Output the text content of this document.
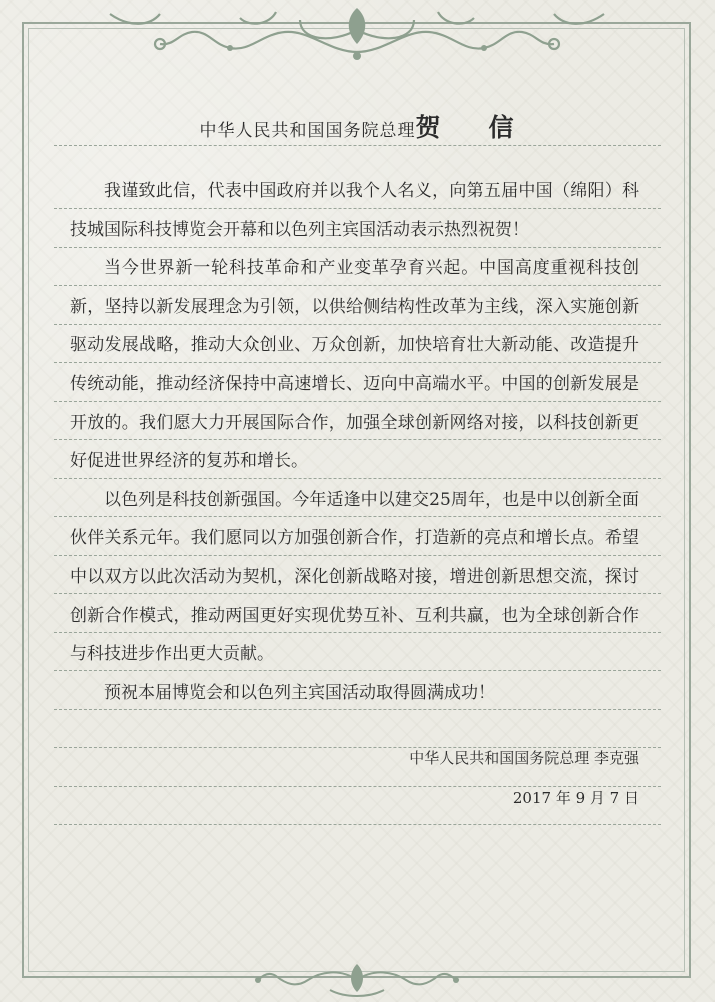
中华人民共和国国务院总理贺 信

我谨致此信，代表中国政府并以我个人名义，向第五届中国（绵阳）科技城国际科技博览会开幕和以色列主宾国活动表示热烈祝贺！

当今世界新一轮科技革命和产业变革孕育兴起。中国高度重视科技创新，坚持以新发展理念为引领，以供给侧结构性改革为主线，深入实施创新驱动发展战略，推动大众创业、万众创新，加快培育壮大新动能、改造提升传统动能，推动经济保持中高速增长、迈向中高端水平。中国的创新发展是开放的。我们愿大力开展国际合作，加强全球创新网络对接，以科技创新更好促进世界经济的复苏和增长。

以色列是科技创新强国。今年适逢中以建交25周年，也是中以创新全面伙伴关系元年。我们愿同以方加强创新合作，打造新的亮点和增长点。希望中以双方以此次活动为契机，深化创新战略对接，增进创新思想交流，探讨创新合作模式，推动两国更好实现优势互补、互利共赢，也为全球创新合作与科技进步作出更大贡献。

预祝本届博览会和以色列主宾国活动取得圆满成功！

中华人民共和国国务院总理 李克强
2017 年 9 月 7 日
